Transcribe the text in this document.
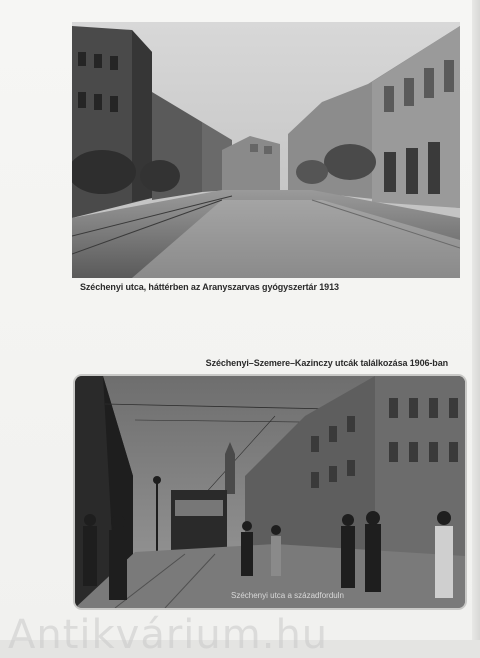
Széchenyi utca, háttérben az Aranyszarvas gyógyszertár 1913
Széchenyi–Szemere–Kazinczy utcák találkozása 1906-ban
Széchenyi utca a századforduln
Antikvárium.hu
